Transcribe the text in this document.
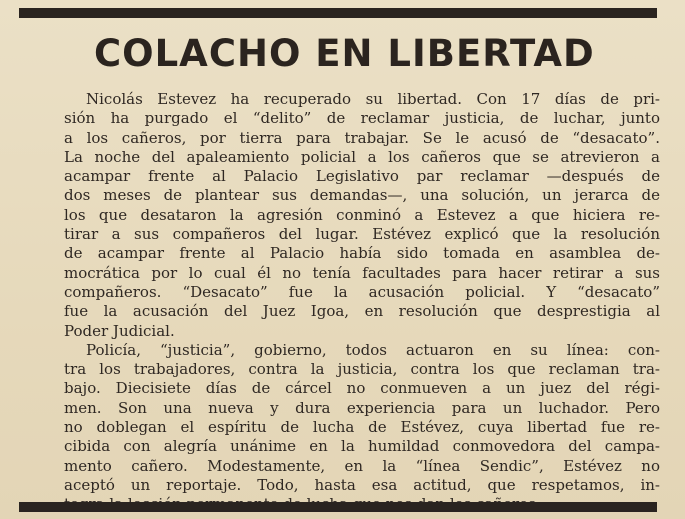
COLACHO EN LIBERTAD
Nicolás Estevez ha recuperado su libertad. Con 17 días de pri-
sión ha purgado el “delito” de reclamar justicia, de luchar, junto
a los cañeros, por tierra para trabajar. Se le acusó de “desacato”.
La noche del apaleamiento policial a los cañeros que se atrevieron a
acampar frente al Palacio Legislativo par reclamar —después de
dos meses de plantear sus demandas—, una solución, un jerarca de
los que desataron la agresión conminó a Estevez a que hiciera re-
tirar a sus compañeros del lugar. Estévez explicó que la resolución
de acampar frente al Palacio había sido tomada en asamblea de-
mocrática por lo cual él no tenía facultades para hacer retirar a sus
compañeros. “Desacato” fue la acusación policial. Y “desacato”
fue la acusación del Juez Igoa, en resolución que desprestigia al
Poder Judicial.
Policía, “justicia”, gobierno, todos actuaron en su línea: con-
tra los trabajadores, contra la justicia, contra los que reclaman tra-
bajo. Diecisiete días de cárcel no conmueven a un juez del régi-
men. Son una nueva y dura experiencia para un luchador. Pero
no doblegan el espíritu de lucha de Estévez, cuya libertad fue re-
cibida con alegría unánime en la humildad conmovedora del campa-
mento cañero. Modestamente, en la “línea Sendic”, Estévez no
aceptó un reportaje. Todo, hasta esa actitud, que respetamos, in-
